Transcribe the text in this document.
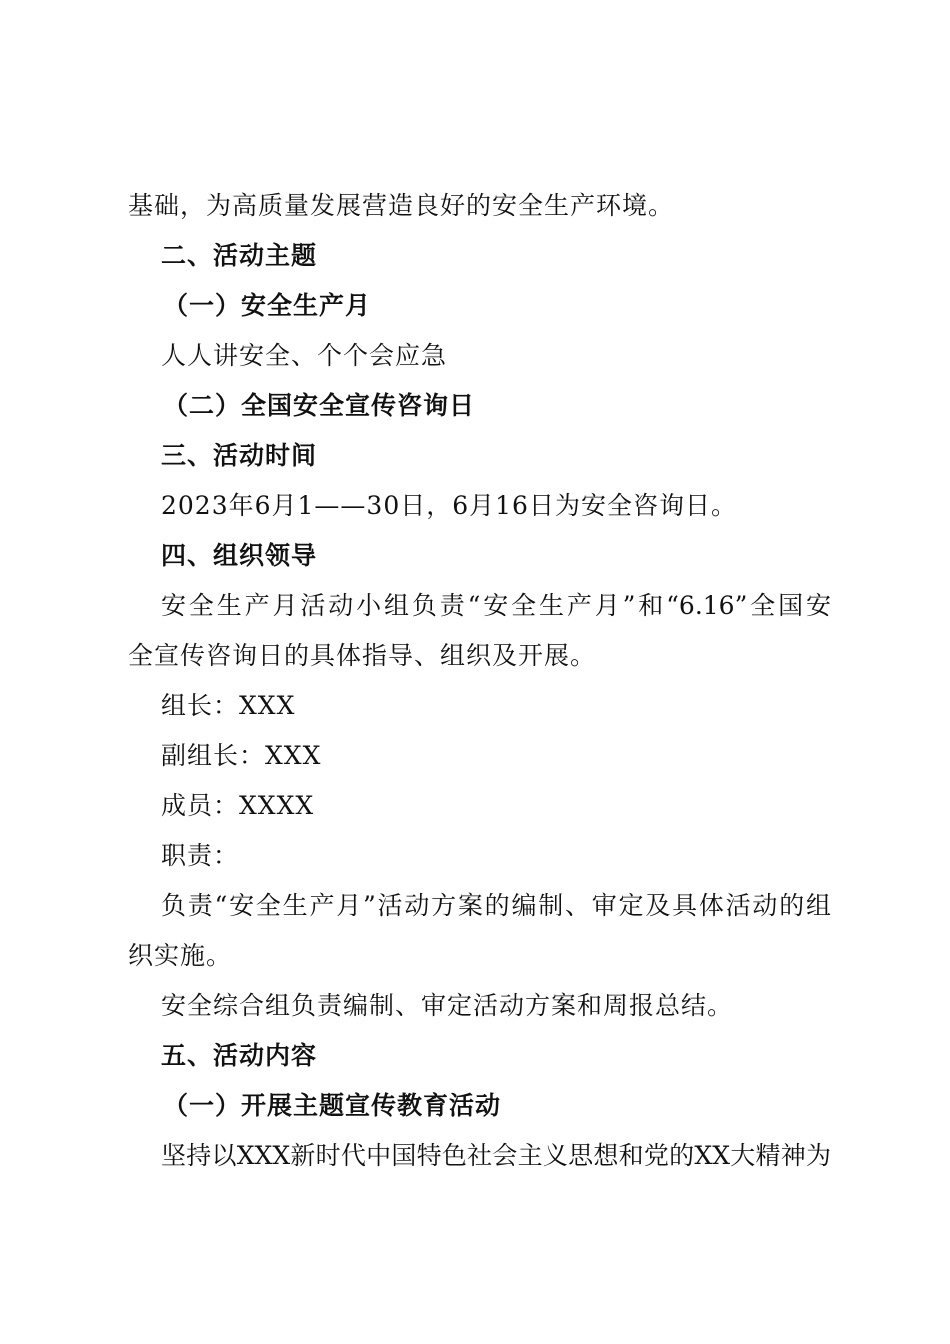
基础，为高质量发展营造良好的安全生产环境。
二、活动主题
（一）安全生产月
人人讲安全、个个会应急
（二）全国安全宣传咨询日
三、活动时间
2023年6月1——30日，6月16日为安全咨询日。
四、组织领导
安全生产月活动小组负责“安全生产月”和“6.16”全国安
全宣传咨询日的具体指导、组织及开展。
组长：XXX
副组长：XXX
成员：XXXX
职责：
负责“安全生产月”活动方案的编制、审定及具体活动的组
织实施。
安全综合组负责编制、审定活动方案和周报总结。
五、活动内容
（一）开展主题宣传教育活动
坚持以XXX新时代中国特色社会主义思想和党的XX大精神为
